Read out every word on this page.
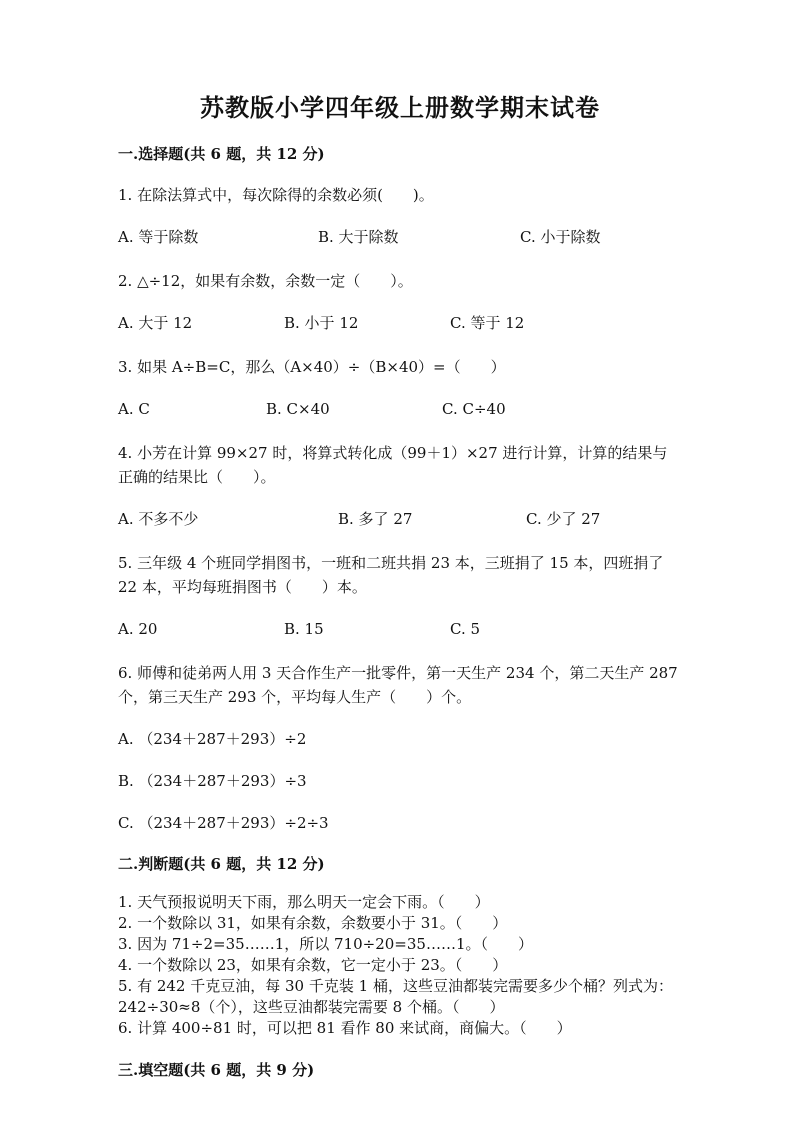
苏教版小学四年级上册数学期末试卷
一.选择题(共 6 题，共 12 分)
1. 在除法算式中，每次除得的余数必须(　　)。
A. 等于除数	B. 大于除数	C. 小于除数
2. △÷12，如果有余数，余数一定（　　）。
A. 大于 12	B. 小于 12	C. 等于 12
3. 如果 A÷B=C，那么（A×40）÷（B×40）=（　　）
A. C	B. C×40	C. C÷40
4. 小芳在计算 99×27 时，将算式转化成（99＋1）×27 进行计算，计算的结果与正确的结果比（　　）。
A. 不多不少	B. 多了 27	C. 少了 27
5. 三年级 4 个班同学捐图书，一班和二班共捐 23 本，三班捐了 15 本，四班捐了 22 本，平均每班捐图书（　　）本。
A. 20	B. 15	C. 5
6. 师傅和徒弟两人用 3 天合作生产一批零件，第一天生产 234 个，第二天生产 287 个，第三天生产 293 个，平均每人生产（　　）个。
A. （234＋287＋293）÷2
B. （234＋287＋293）÷3
C. （234＋287＋293）÷2÷3
二.判断题(共 6 题，共 12 分)
1. 天气预报说明天下雨，那么明天一定会下雨。（　　）
2. 一个数除以 31，如果有余数，余数要小于 31。（　　）
3. 因为 71÷2=35……1，所以 710÷20=35……1。（　　）
4. 一个数除以 23，如果有余数，它一定小于 23。（　　）
5. 有 242 千克豆油，每 30 千克装 1 桶，这些豆油都装完需要多少个桶？列式为：242÷30≈8（个），这些豆油都装完需要 8 个桶。（　　）
6. 计算 400÷81 时，可以把 81 看作 80 来试商，商偏大。（　　）
三.填空题(共 6 题，共 9 分)
